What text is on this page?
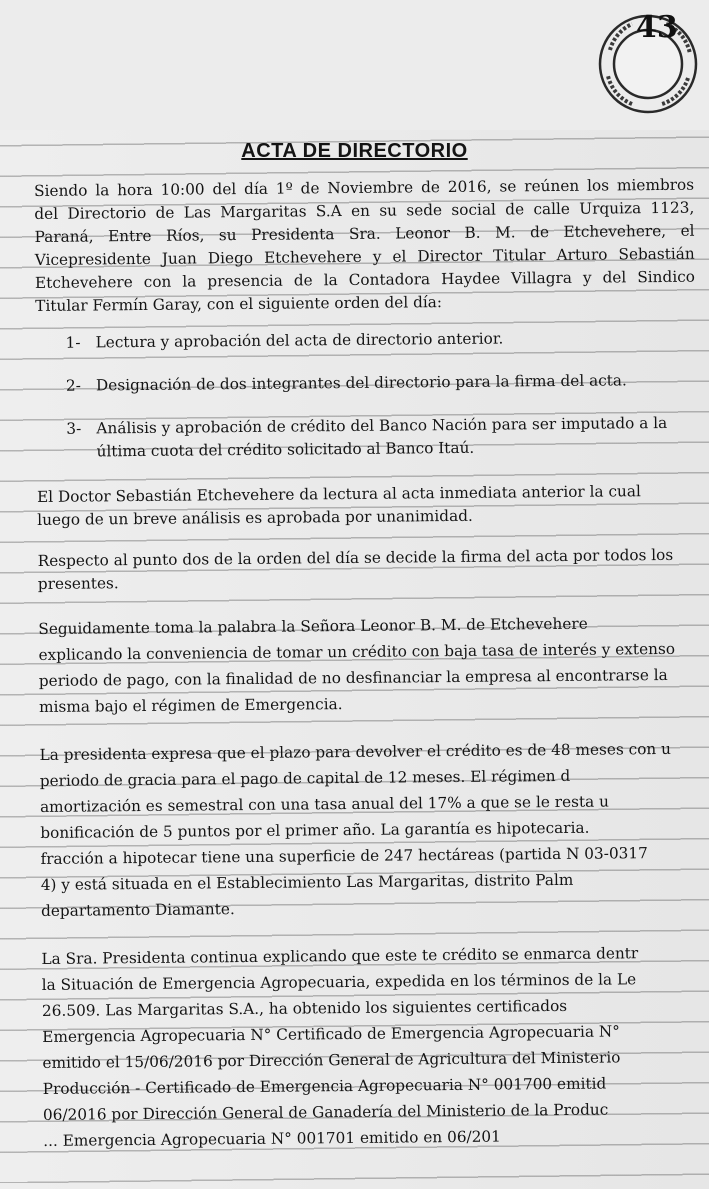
43
ACTA DE DIRECTORIO

Siendo la hora 10:00 del día 1º de Noviembre de 2016, se reúnen los miembros
del Directorio de Las Margaritas S.A en su sede social de calle Urquiza 1123,
Paraná, Entre Ríos, su Presidenta Sra. Leonor B. M. de Etchevehere, el
Vicepresidente Juan Diego Etchevehere y el Director Titular Arturo Sebastián
Etchevehere con la presencia de la Contadora Haydee Villagra y del Sindico
Titular Fermín Garay, con el siguiente orden del día:

1- Lectura y aprobación del acta de directorio anterior.
2- Designación de dos integrantes del directorio para la firma del acta.
3- Análisis y aprobación de crédito del Banco Nación para ser imputado a la
última cuota del crédito solicitado al Banco Itaú.

El Doctor Sebastián Etchevehere da lectura al acta inmediata anterior la cual
luego de un breve análisis es aprobada por unanimidad.

Respecto al punto dos de la orden del día se decide la firma del acta por todos los
presentes.

Seguidamente toma la palabra la Señora Leonor B. M. de Etchevehere
explicando la conveniencia de tomar un crédito con baja tasa de interés y extenso
periodo de pago, con la finalidad de no desfinanciar la empresa al encontrarse la
misma bajo el régimen de Emergencia.

La presidenta expresa que el plazo para devolver el crédito es de 48 meses con u
periodo de gracia para el pago de capital de 12 meses. El régimen d
amortización es semestral con una tasa anual del 17% a que se le resta u
bonificación de 5 puntos por el primer año. La garantía es hipotecaria.
fracción a hipotecar tiene una superficie de 247 hectáreas (partida N 03-0317
4) y está situada en el Establecimiento Las Margaritas, distrito Palm
departamento Diamante.

La Sra. Presidenta continua explicando que este te crédito se enmarca dentr
la Situación de Emergencia Agropecuaria, expedida en los términos de la Le
26.509. Las Margaritas S.A., ha obtenido los siguientes certificados
Emergencia Agropecuaria N° Certificado de Emergencia Agropecuaria N°
emitido el 15/06/2016 por Dirección General de Agricultura del Ministerio
Producción - Certificado de Emergencia Agropecuaria N° 001700 emitid
06/2016 por Dirección General de Ganadería del Ministerio de la Produc
... Emergencia Agropecuaria N° 001701 emitido en 06/201
